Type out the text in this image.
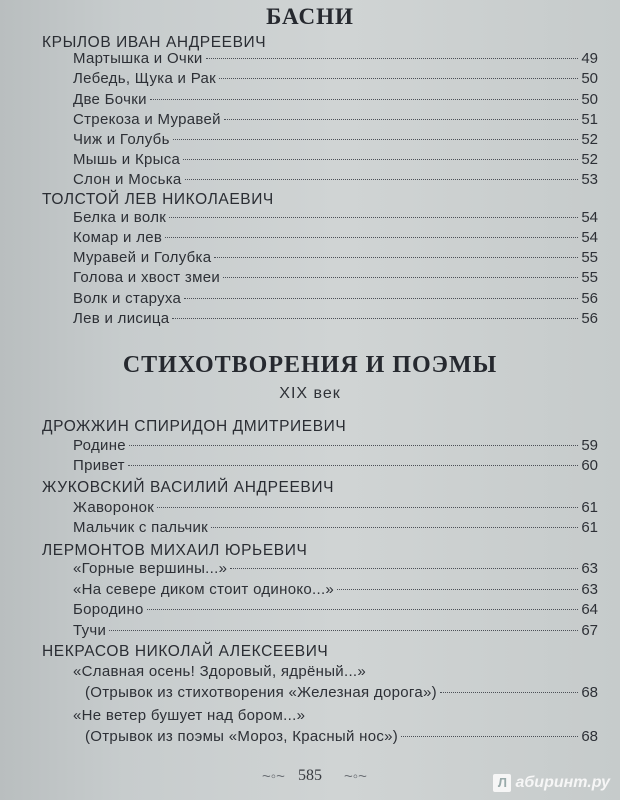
БАСНИ
КРЫЛОВ ИВАН АНДРЕЕВИЧ
Мартышка и Очки	49
Лебедь, Щука и Рак	50
Две Бочки	50
Стрекоза и Муравей	51
Чиж и Голубь	52
Мышь и Крыса	52
Слон и Моська	53
ТОЛСТОЙ ЛЕВ НИКОЛАЕВИЧ
Белка и волк	54
Комар и лев	54
Муравей и Голубка	55
Голова и хвост змеи	55
Волк и старуха	56
Лев и лисица	56
СТИХОТВОРЕНИЯ И ПОЭМЫ
XIX век
ДРОЖЖИН СПИРИДОН ДМИТРИЕВИЧ
Родине	59
Привет	60
ЖУКОВСКИЙ ВАСИЛИЙ АНДРЕЕВИЧ
Жаворонок	61
Мальчик с пальчик	61
ЛЕРМОНТОВ МИХАИЛ ЮРЬЕВИЧ
«Горные вершины...»	63
«На севере диком стоит одиноко...»	63
Бородино	64
Тучи	67
НЕКРАСОВ НИКОЛАЙ АЛЕКСЕЕВИЧ
«Славная осень! Здоровый, ядрёный...»
(Отрывок из стихотворения «Железная дорога»)	68
«Не ветер бушует над бором...»
(Отрывок из поэмы «Мороз, Красный нос»)	68
~◦~ 585	~◦~	Л абиринт.ру
